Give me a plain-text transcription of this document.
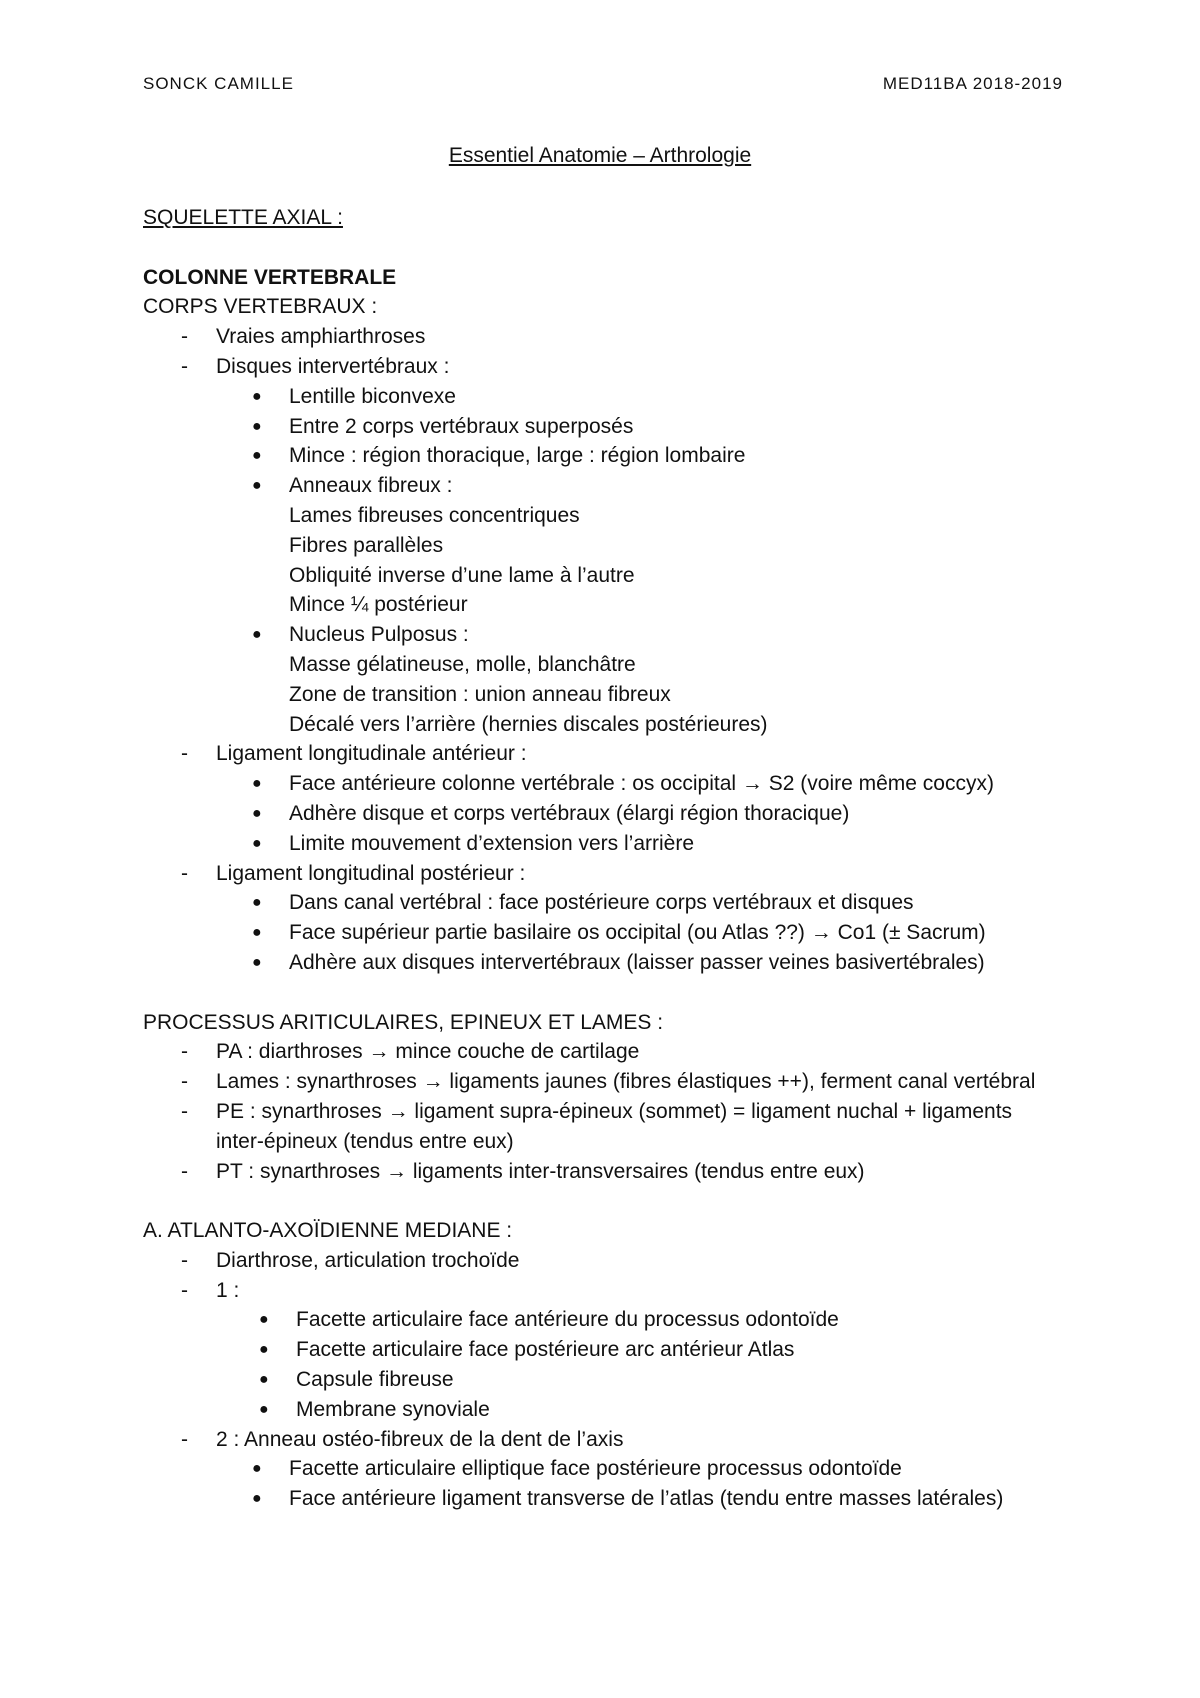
SONCK CAMILLE	MED11BA 2018-2019
Essentiel Anatomie – Arthrologie
SQUELETTE AXIAL :
COLONNE VERTEBRALE
CORPS VERTEBRAUX :
- Vraies amphiarthroses
- Disques intervertébraux :
● Lentille biconvexe
● Entre 2 corps vertébraux superposés
● Mince : région thoracique, large : région lombaire
● Anneaux fibreux :
Lames fibreuses concentriques
Fibres parallèles
Obliquité inverse d’une lame à l’autre
Mince ¼ postérieur
● Nucleus Pulposus :
Masse gélatineuse, molle, blanchâtre
Zone de transition : union anneau fibreux
Décalé vers l’arrière (hernies discales postérieures)
- Ligament longitudinale antérieur :
● Face antérieure colonne vertébrale : os occipital → S2 (voire même coccyx)
● Adhère disque et corps vertébraux (élargi région thoracique)
● Limite mouvement d’extension vers l’arrière
- Ligament longitudinal postérieur :
● Dans canal vertébral : face postérieure corps vertébraux et disques
● Face supérieur partie basilaire os occipital (ou Atlas ??) → Co1 (± Sacrum)
● Adhère aux disques intervertébraux (laisser passer veines basivertébrales)
PROCESSUS ARITICULAIRES, EPINEUX ET LAMES :
- PA : diarthroses → mince couche de cartilage
- Lames : synarthroses → ligaments jaunes (fibres élastiques ++), ferment canal vertébral
- PE : synarthroses → ligament supra-épineux (sommet) = ligament nuchal + ligaments inter-épineux (tendus entre eux)
- PT : synarthroses → ligaments inter-transversaires (tendus entre eux)
A. ATLANTO-AXOÏDIENNE MEDIANE :
- Diarthrose, articulation trochoïde
- 1 :
● Facette articulaire face antérieure du processus odontoïde
● Facette articulaire face postérieure arc antérieur Atlas
● Capsule fibreuse
● Membrane synoviale
- 2 : Anneau ostéo-fibreux de la dent de l’axis
● Facette articulaire elliptique face postérieure processus odontoïde
● Face antérieure ligament transverse de l’atlas (tendu entre masses latérales)
